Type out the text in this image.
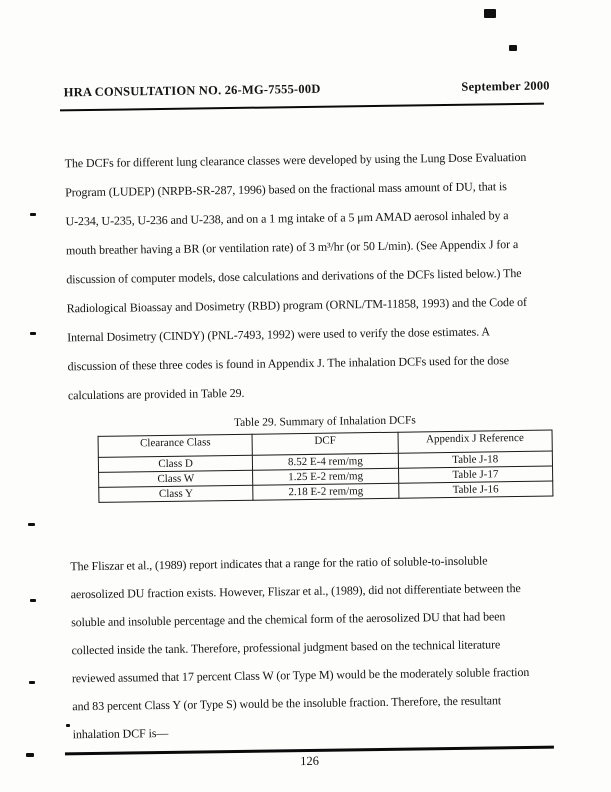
HRA CONSULTATION NO. 26-MG-7555-00D	September 2000
The DCFs for different lung clearance classes were developed by using the Lung Dose Evaluation
Program (LUDEP) (NRPB-SR-287, 1996) based on the fractional mass amount of DU, that is
U-234, U-235, U-236 and U-238, and on a 1 mg intake of a 5 μm AMAD aerosol inhaled by a
mouth breather having a BR (or ventilation rate) of 3 m³/hr (or 50 L/min). (See Appendix J for a
discussion of computer models, dose calculations and derivations of the DCFs listed below.) The
Radiological Bioassay and Dosimetry (RBD) program (ORNL/TM-11858, 1993) and the Code of
Internal Dosimetry (CINDY) (PNL-7493, 1992) were used to verify the dose estimates. A
discussion of these three codes is found in Appendix J. The inhalation DCFs used for the dose
calculations are provided in Table 29.
Table 29. Summary of Inhalation DCFs
Clearance Class	DCF	Appendix J Reference
Class D	8.52 E-4 rem/mg	Table J-18
Class W	1.25 E-2 rem/mg	Table J-17
Class Y	2.18 E-2 rem/mg	Table J-16
The Fliszar et al., (1989) report indicates that a range for the ratio of soluble-to-insoluble
aerosolized DU fraction exists. However, Fliszar et al., (1989), did not differentiate between the
soluble and insoluble percentage and the chemical form of the aerosolized DU that had been
collected inside the tank. Therefore, professional judgment based on the technical literature
reviewed assumed that 17 percent Class W (or Type M) would be the moderately soluble fraction
and 83 percent Class Y (or Type S) would be the insoluble fraction. Therefore, the resultant
inhalation DCF is—
126
